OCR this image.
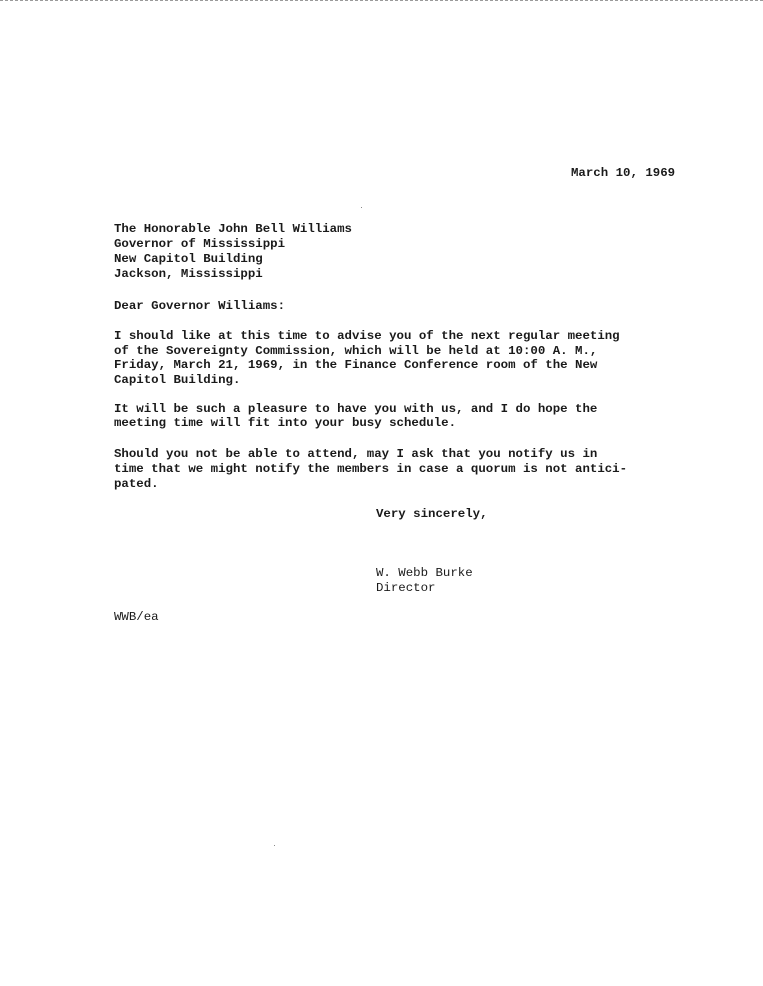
March 10, 1969
The Honorable John Bell Williams
Governor of Mississippi
New Capitol Building
Jackson, Mississippi
Dear Governor Williams:
I should like at this time to advise you of the next regular meeting
of the Sovereignty Commission, which will be held at 10:00 A. M.,
Friday, March 21, 1969, in the Finance Conference room of the New
Capitol Building.
It will be such a pleasure to have you with us, and I do hope the
meeting time will fit into your busy schedule.
Should you not be able to attend, may I ask that you notify us in
time that we might notify the members in case a quorum is not antici-
pated.
Very sincerely,
W. Webb Burke
Director
WWB/ea
